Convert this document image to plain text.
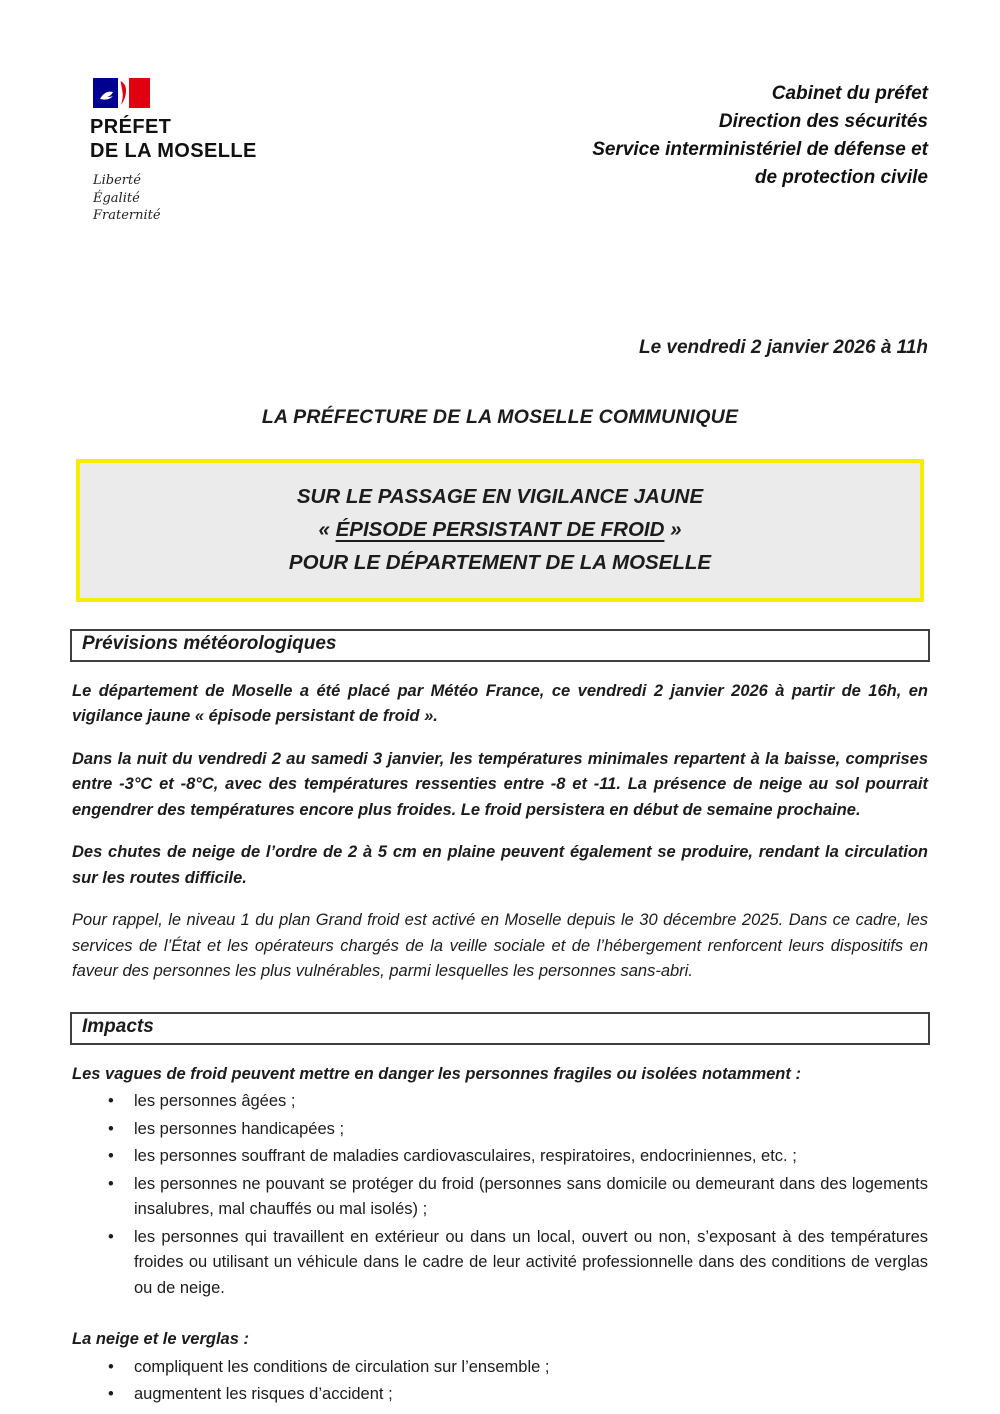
PRÉFET
DE LA MOSELLE
Liberté
Égalité
Fraternité
Cabinet du préfet
Direction des sécurités
Service interministériel de défense et
de protection civile
Le vendredi 2 janvier 2026 à 11h
LA PRÉFECTURE DE LA MOSELLE COMMUNIQUE
SUR LE PASSAGE EN VIGILANCE JAUNE
« ÉPISODE PERSISTANT DE FROID »
POUR LE DÉPARTEMENT DE LA MOSELLE
Prévisions météorologiques

Le département de Moselle a été placé par Météo France, ce vendredi 2 janvier 2026 à partir de 16h, en vigilance jaune « épisode persistant de froid ».

Dans la nuit du vendredi 2 au samedi 3 janvier, les températures minimales repartent à la baisse, comprises entre -3°C et -8°C, avec des températures ressenties entre -8 et -11. La présence de neige au sol pourrait engendrer des températures encore plus froides. Le froid persistera en début de semaine prochaine.

Des chutes de neige de l’ordre de 2 à 5 cm en plaine peuvent également se produire, rendant la circulation sur les routes difficile.

Pour rappel, le niveau 1 du plan Grand froid est activé en Moselle depuis le 30 décembre 2025. Dans ce cadre, les services de l’État et les opérateurs chargés de la veille sociale et de l’hébergement renforcent leurs dispositifs en faveur des personnes les plus vulnérables, parmi lesquelles les personnes sans-abri.

Impacts

Les vagues de froid peuvent mettre en danger les personnes fragiles ou isolées notamment :

• les personnes âgées ;
• les personnes handicapées ;
• les personnes souffrant de maladies cardiovasculaires, respiratoires, endocriniennes, etc. ;
• les personnes ne pouvant se protéger du froid (personnes sans domicile ou demeurant dans des logements insalubres, mal chauffés ou mal isolés) ;
• les personnes qui travaillent en extérieur ou dans un local, ouvert ou non, s’exposant à des températures froides ou utilisant un véhicule dans le cadre de leur activité professionnelle dans des conditions de verglas ou de neige.

La neige et le verglas :

• compliquent les conditions de circulation sur l’ensemble ;
• augmentent les risques d’accident ;
